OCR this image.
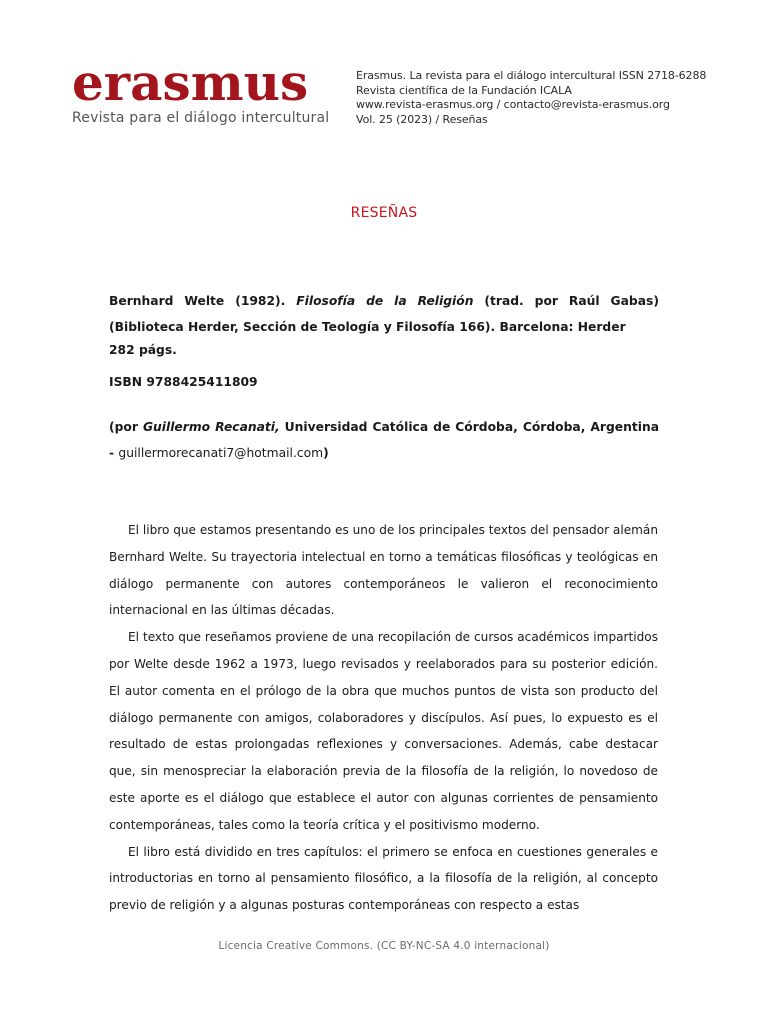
erasmus
Revista para el diálogo intercultural
Erasmus. La revista para el diálogo intercultural ISSN 2718-6288
Revista científica de la Fundación ICALA
www.revista-erasmus.org / contacto@revista-erasmus.org
Vol. 25 (2023) / Reseñas
RESEÑAS

Bernhard Welte (1982). Filosofía de la Religión (trad. por Raúl Gabas) (Biblioteca Herder, Sección de Teología y Filosofía 166). Barcelona: Herder

282 págs.
ISBN 9788425411809
(por Guillermo Recanati, Universidad Católica de Córdoba, Córdoba, Argentina - guillermorecanati7@hotmail.com)

El libro que estamos presentando es uno de los principales textos del pensador alemán Bernhard Welte. Su trayectoria intelectual en torno a temáticas filosóficas y teológicas en diálogo permanente con autores contemporáneos le valieron el reconocimiento internacional en las últimas décadas.

El texto que reseñamos proviene de una recopilación de cursos académicos impartidos por Welte desde 1962 a 1973, luego revisados y reelaborados para su posterior edición. El autor comenta en el prólogo de la obra que muchos puntos de vista son producto del diálogo permanente con amigos, colaboradores y discípulos. Así pues, lo expuesto es el resultado de estas prolongadas reflexiones y conversaciones. Además, cabe destacar que, sin menospreciar la elaboración previa de la filosofía de la religión, lo novedoso de este aporte es el diálogo que establece el autor con algunas corrientes de pensamiento contemporáneas, tales como la teoría crítica y el positivismo moderno.

El libro está dividido en tres capítulos: el primero se enfoca en cuestiones generales e introductorias en torno al pensamiento filosófico, a la filosofía de la religión, al concepto previo de religión y a algunas posturas contemporáneas con respecto a estas

Licencia Creative Commons. (CC BY-NC-SA 4.0 internacional)
